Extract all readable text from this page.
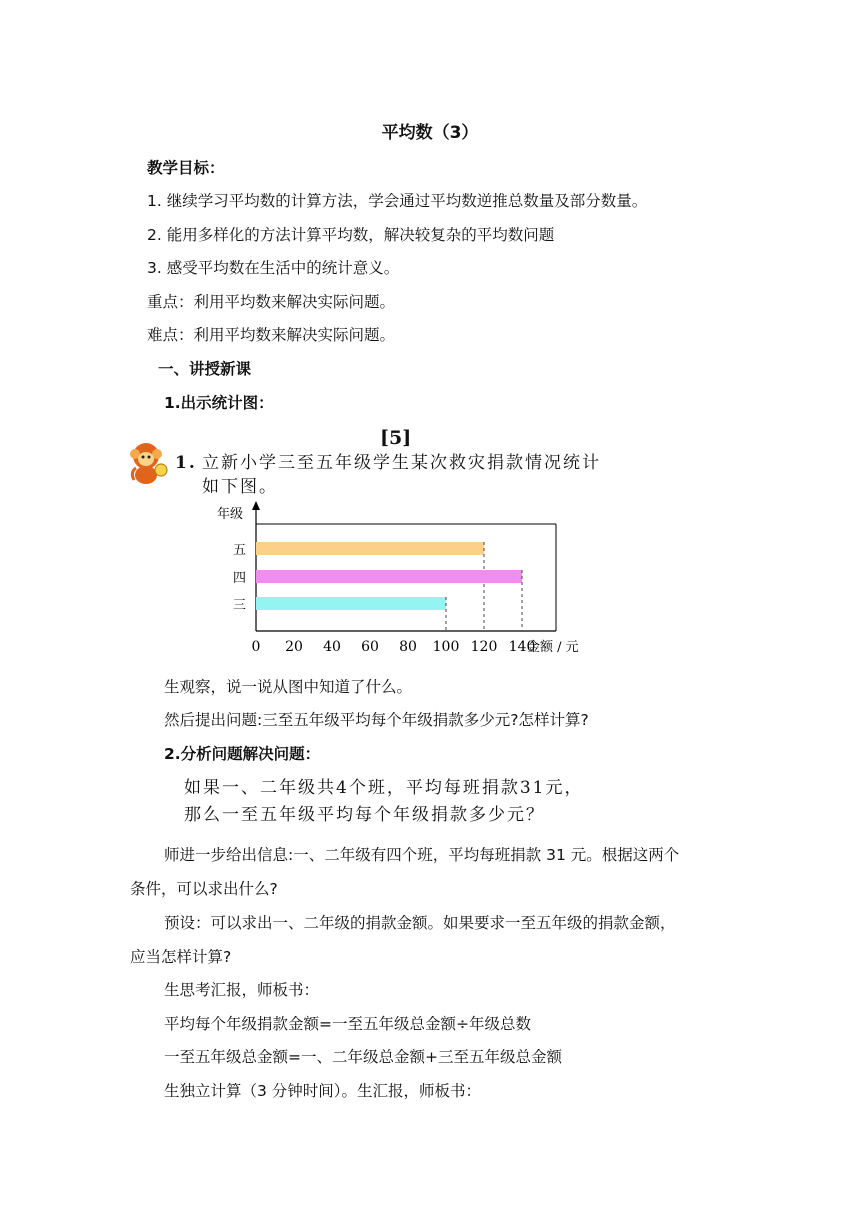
平均数（3）
教学目标：
1. 继续学习平均数的计算方法，学会通过平均数逆推总数量及部分数量。
2. 能用多样化的方法计算平均数，解决较复杂的平均数问题
3. 感受平均数在生活中的统计意义。
重点：利用平均数来解决实际问题。
难点：利用平均数来解决实际问题。
一、讲授新课
1.出示统计图：
[5]
1. 立新小学三至五年级学生某次救灾捐款情况统计
如下图。
年级
五
四
三
0 20 40 60 80 100 120 140
金额 / 元
生观察，说一说从图中知道了什么。
然后提出问题:三至五年级平均每个年级捐款多少元?怎样计算?
2.分析问题解决问题：
如果一、二年级共4个班，平均每班捐款31元，
那么一至五年级平均每个年级捐款多少元？
师进一步给出信息:一、二年级有四个班，平均每班捐款 31 元。根据这两个
条件，可以求出什么?
预设：可以求出一、二年级的捐款金额。如果要求一至五年级的捐款金额，
应当怎样计算?
生思考汇报，师板书：
平均每个年级捐款金额=一至五年级总金额÷年级总数
一至五年级总金额=一、二年级总金额+三至五年级总金额
生独立计算（3 分钟时间）。生汇报，师板书：
